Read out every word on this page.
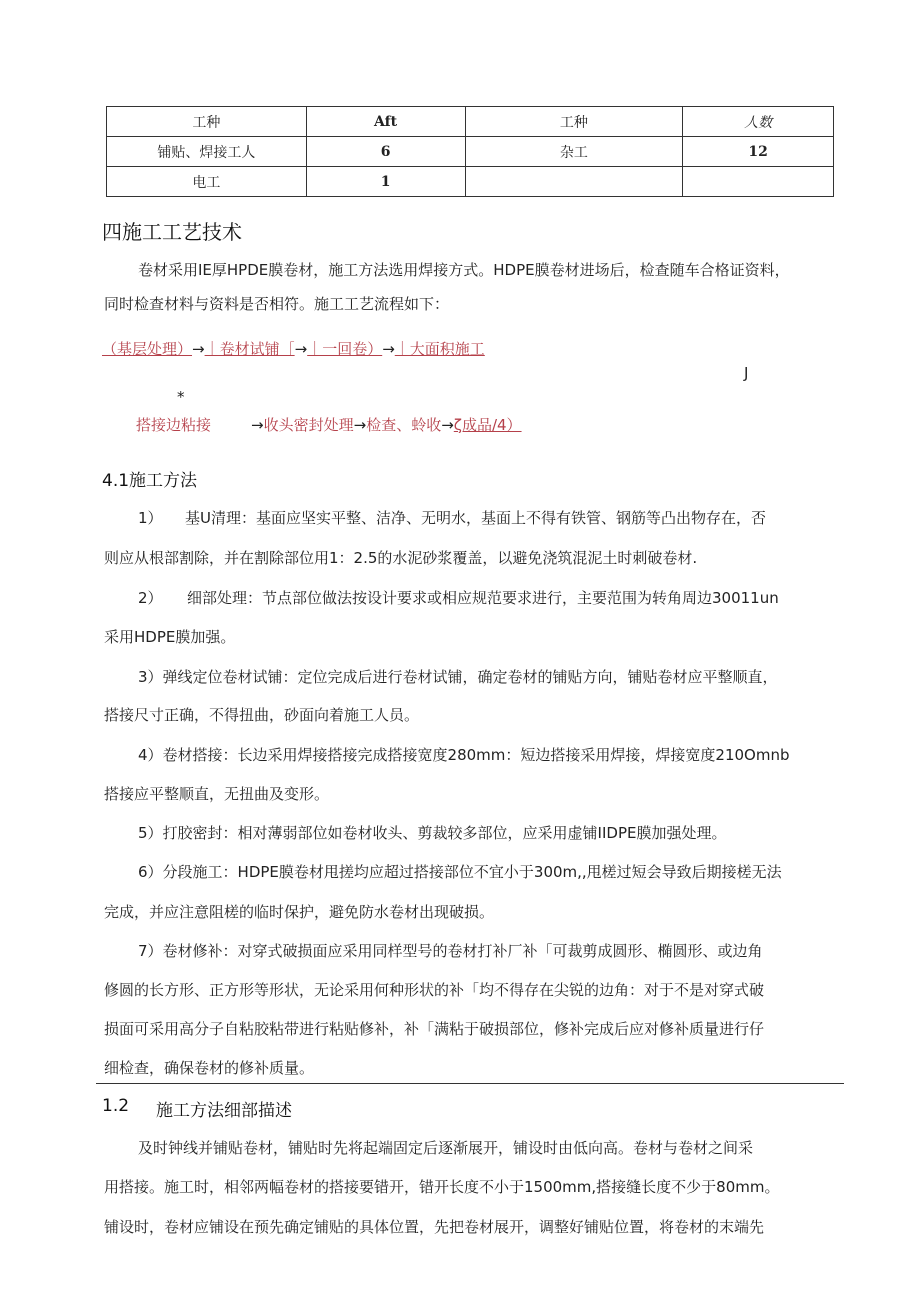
工种	Aft	工种	人数
铺贴、焊接工人	6	杂工	12
电工	1		
四施工工艺技术
卷材采用IE厚HPDE膜卷材，施工方法选用焊接方式。HDPE膜卷材进场后，检查随车合格证资料，
同时检查材料与资料是否相符。施工工艺流程如下：
（基层处理）→｜卷材试铺［→｜一回卷）→｜大面积施工
J
*
搭接边粘接	→收头密封处理→检查、蛉收→ζ成品/4）
4.1施工方法
1） 基U清理：基面应坚实平整、洁净、无明水，基面上不得有铁管、钢筋等凸出物存在，否
则应从根部割除，并在割除部位用1：2.5的水泥砂浆覆盖，以避免浇筑混泥土时刺破卷材.
2） 细部处理：节点部位做法按设计要求或相应规范要求进行，主要范围为转角周边30011un
采用HDPE膜加强。
3）弹线定位卷材试铺：定位完成后进行卷材试铺，确定卷材的铺贴方向，铺贴卷材应平整顺直，
搭接尺寸正确，不得扭曲，砂面向着施工人员。
4）卷材搭接：长边采用焊接搭接完成搭接宽度280mm：短边搭接采用焊接，焊接宽度210Omnb
搭接应平整顺直，无扭曲及变形。
5）打胶密封：相对薄弱部位如卷材收头、剪裁较多部位，应采用虚铺IIDPE膜加强处理。
6）分段施工：HDPE膜卷材甩搓均应超过搭接部位不宜小于300m,,甩槎过短会导致后期接槎无法
完成，并应注意阻槎的临时保护，避免防水卷材出现破损。
7）卷材修补：对穿式破损面应采用同样型号的卷材打补厂补「可裁剪成圆形、椭圆形、或边角
修圆的长方形、正方形等形状，无论采用何种形状的补「均不得存在尖锐的边角：对于不是对穿式破
损面可采用高分子自粘胶粘带进行粘贴修补，补「满粘于破损部位，修补完成后应对修补质量进行仔
细检查，确保卷材的修补质量。
1.2 施工方法细部描述
及时钟线并铺贴卷材，铺贴时先将起端固定后逐渐展开，铺设时由低向高。卷材与卷材之间采
用搭接。施工时，相邻两幅卷材的搭接要错开，错开长度不小于1500mm,搭接缝长度不少于80mm。
铺设时，卷材应铺设在预先确定铺贴的具体位置，先把卷材展开，调整好铺贴位置，将卷材的末端先
